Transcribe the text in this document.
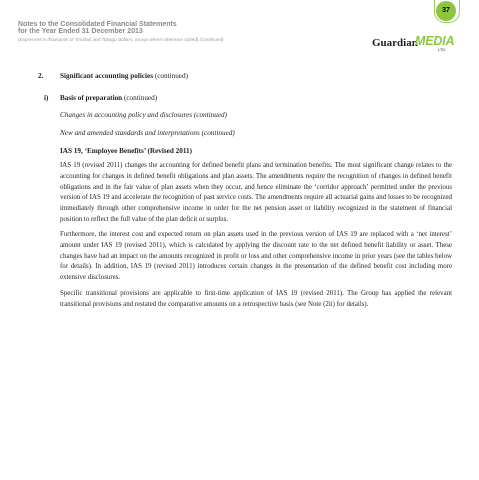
Notes to the Consolidated Financial Statements
for the Year Ended 31 December 2013
(Expressed in thousands of Trinidad and Tobago Dollars, except where otherwise stated) (Continued)
37
Guardian
MEDIA
LTD
2. Significant accounting policies (continued)
i) Basis of preparation (continued)
Changes in accounting policy and disclosures (continued)
New and amended standards and interpretations (continued)
IAS 19, ‘Employee Benefits’ (Revised 2011)
IAS 19 (revised 2011) changes the accounting for defined benefit plans and termination benefits. The most significant change relates to the accounting for changes in defined benefit obligations and plan assets. The amendments require the recognition of changes in defined benefit obligations and in the fair value of plan assets when they occur, and hence eliminate the ‘corridor approach’ permitted under the previous version of IAS 19 and accelerate the recognition of past service costs. The amendments require all actuarial gains and losses to be recognized immediately through other comprehensive income in order for the net pension asset or liability recognized in the statement of financial position to reflect the full value of the plan deficit or surplus.
Furthermore, the interest cost and expected return on plan assets used in the previous version of IAS 19 are replaced with a ‘net interest’ amount under IAS 19 (revised 2011), which is calculated by applying the discount rate to the net defined benefit liability or asset. These changes have had an impact on the amounts recognized in profit or loss and other comprehensive income in prior years (see the tables below for details). In addition, IAS 19 (revised 2011) introduces certain changes in the presentation of the defined benefit cost including more extensive disclosures.
Specific transitional provisions are applicable to first-time application of IAS 19 (revised 2011). The Group has applied the relevant transitional provisions and restated the comparative amounts on a retrospective basis (see Note (2ii) for details).
